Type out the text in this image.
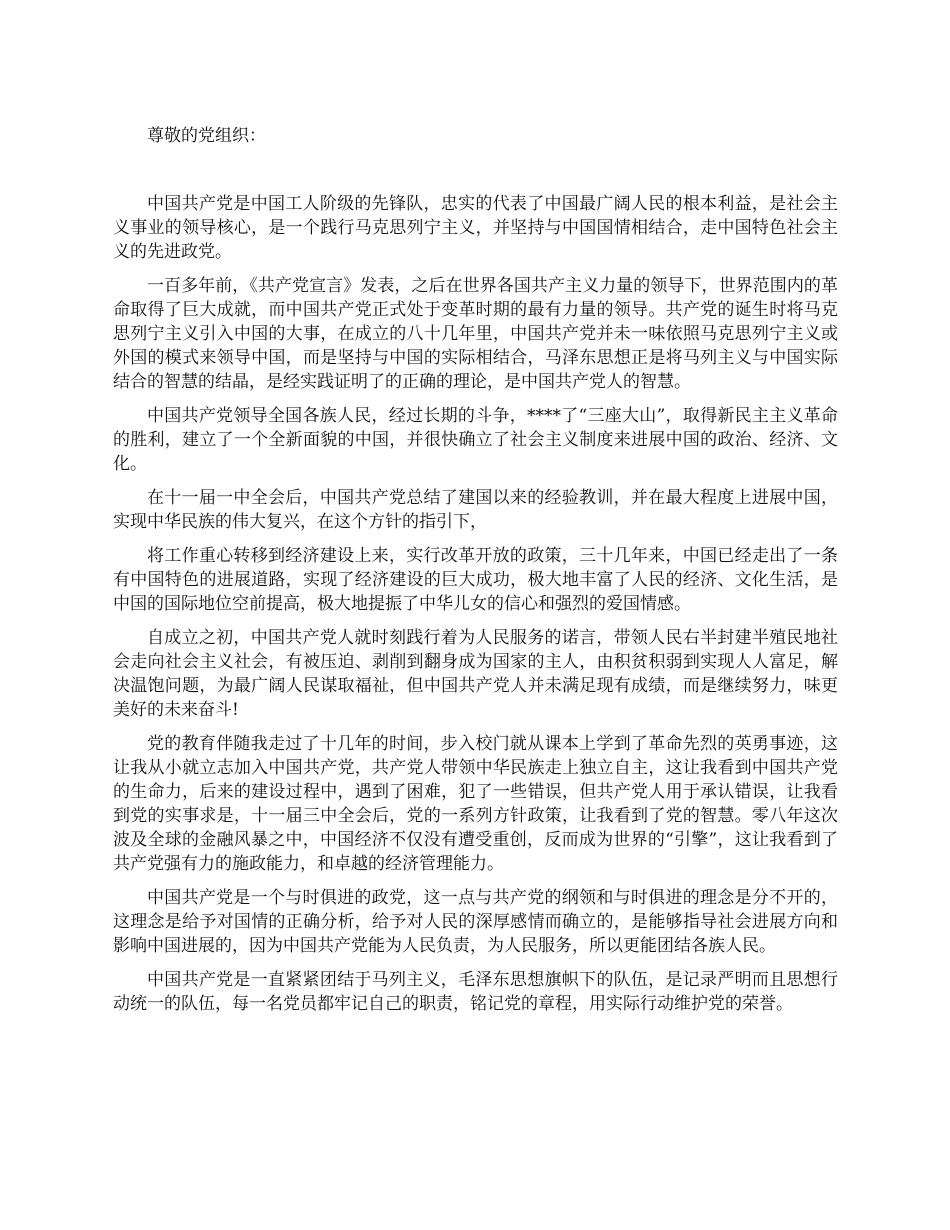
尊敬的党组织：

中国共产党是中国工人阶级的先锋队，忠实的代表了中国最广阔人民的根本利益，是社会主义事业的领导核心，是一个践行马克思列宁主义，并坚持与中国国情相结合，走中国特色社会主义的先进政党。

一百多年前，《共产党宣言》发表，之后在世界各国共产主义力量的领导下，世界范围内的革命取得了巨大成就，而中国共产党正式处于变革时期的最有力量的领导。共产党的诞生时将马克思列宁主义引入中国的大事，在成立的八十几年里，中国共产党并未一味依照马克思列宁主义或外国的模式来领导中国，而是坚持与中国的实际相结合，马泽东思想正是将马列主义与中国实际结合的智慧的结晶，是经实践证明了的正确的理论，是中国共产党人的智慧。

中国共产党领导全国各族人民，经过长期的斗争，****了“三座大山”，取得新民主主义革命的胜利，建立了一个全新面貌的中国，并很快确立了社会主义制度来进展中国的政治、经济、文化。

在十一届一中全会后，中国共产党总结了建国以来的经验教训，并在最大程度上进展中国，实现中华民族的伟大复兴，在这个方针的指引下，

将工作重心转移到经济建设上来，实行改革开放的政策，三十几年来，中国已经走出了一条有中国特色的进展道路，实现了经济建设的巨大成功，极大地丰富了人民的经济、文化生活，是中国的国际地位空前提高，极大地提振了中华儿女的信心和强烈的爱国情感。

自成立之初，中国共产党人就时刻践行着为人民服务的诺言，带领人民右半封建半殖民地社会走向社会主义社会，有被压迫、剥削到翻身成为国家的主人，由积贫积弱到实现人人富足，解决温饱问题，为最广阔人民谋取福祉，但中国共产党人并未满足现有成绩，而是继续努力，味更美好的未来奋斗!

党的教育伴随我走过了十几年的时间，步入校门就从课本上学到了革命先烈的英勇事迹，这让我从小就立志加入中国共产党，共产党人带领中华民族走上独立自主，这让我看到中国共产党的生命力，后来的建设过程中，遇到了困难，犯了一些错误，但共产党人用于承认错误，让我看到党的实事求是，十一届三中全会后，党的一系列方针政策，让我看到了党的智慧。零八年这次波及全球的金融风暴之中，中国经济不仅没有遭受重创，反而成为世界的“引擎”，这让我看到了共产党强有力的施政能力，和卓越的经济管理能力。

中国共产党是一个与时俱进的政党，这一点与共产党的纲领和与时俱进的理念是分不开的，这理念是给予对国情的正确分析，给予对人民的深厚感情而确立的，是能够指导社会进展方向和影响中国进展的，因为中国共产党能为人民负责，为人民服务，所以更能团结各族人民。

中国共产党是一直紧紧团结于马列主义，毛泽东思想旗帜下的队伍，是记录严明而且思想行动统一的队伍，每一名党员都牢记自己的职责，铭记党的章程，用实际行动维护党的荣誉。
